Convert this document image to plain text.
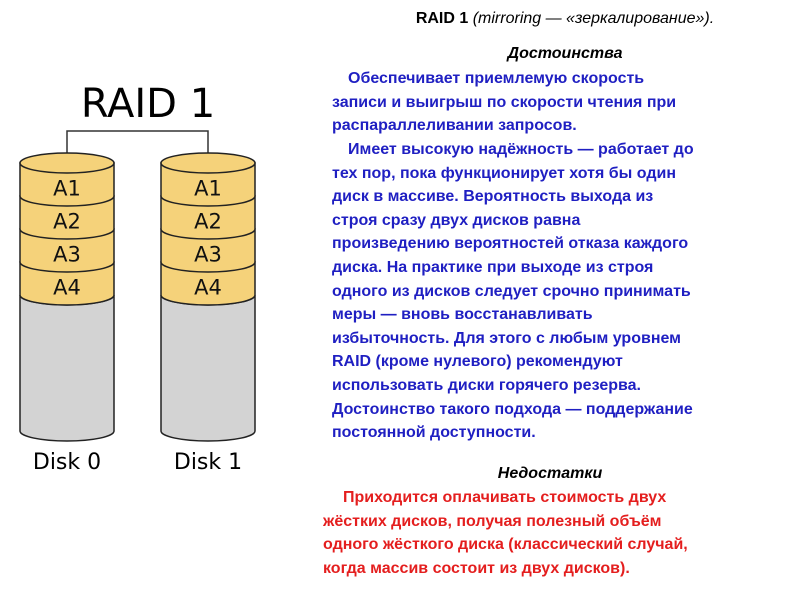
RAID 1
A1
A2
A3
A4
Disk 0
A1
A2
A3
A4
Disk 1
RAID 1 (mirroring — «зеркалирование»).
Достоинства
Обеспечивает приемлемую скорость
записи и выигрыш по скорости чтения при
распараллеливании запросов.
Имеет высокую надёжность — работает до
тех пор, пока функционирует хотя бы один
диск в массиве. Вероятность выхода из
строя сразу двух дисков равна
произведению вероятностей отказа каждого
диска. На практике при выходе из строя
одного из дисков следует срочно принимать
меры — вновь восстанавливать
избыточность. Для этого с любым уровнем
RAID (кроме нулевого) рекомендуют
использовать диски горячего резерва.
Достоинство такого подхода — поддержание
постоянной доступности.
Недостатки
Приходится оплачивать стоимость двух
жёстких дисков, получая полезный объём
одного жёсткого диска (классический случай,
когда массив состоит из двух дисков).
